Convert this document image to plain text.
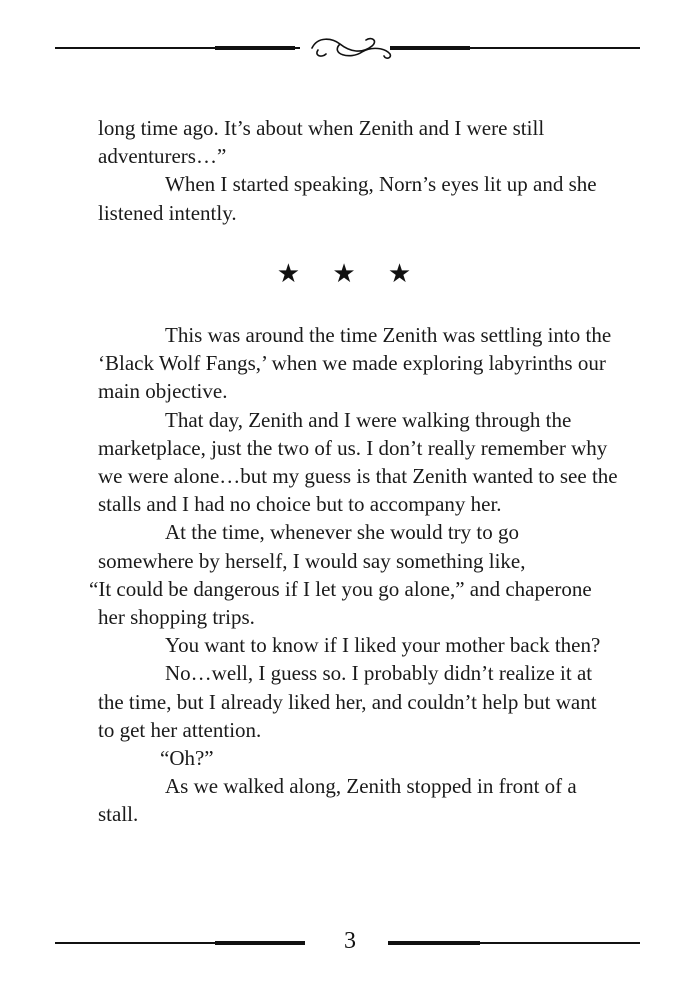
long time ago. It’s about when Zenith and I were still adventurers…”

When I started speaking, Norn’s eyes lit up and she listened intently.

★ ★ ★

This was around the time Zenith was settling into the ‘Black Wolf Fangs,’ when we made exploring labyrinths our main objective.

That day, Zenith and I were walking through the marketplace, just the two of us. I don’t really remember why we were alone…but my guess is that Zenith wanted to see the stalls and I had no choice but to accompany her.

At the time, whenever she would try to go somewhere by herself, I would say something like,

“It could be dangerous if I let you go alone,” and chaperone her shopping trips.

You want to know if I liked your mother back then?

No…well, I guess so. I probably didn’t realize it at the time, but I already liked her, and couldn’t help but want to get her attention.

“Oh?”

As we walked along, Zenith stopped in front of a stall.

3
